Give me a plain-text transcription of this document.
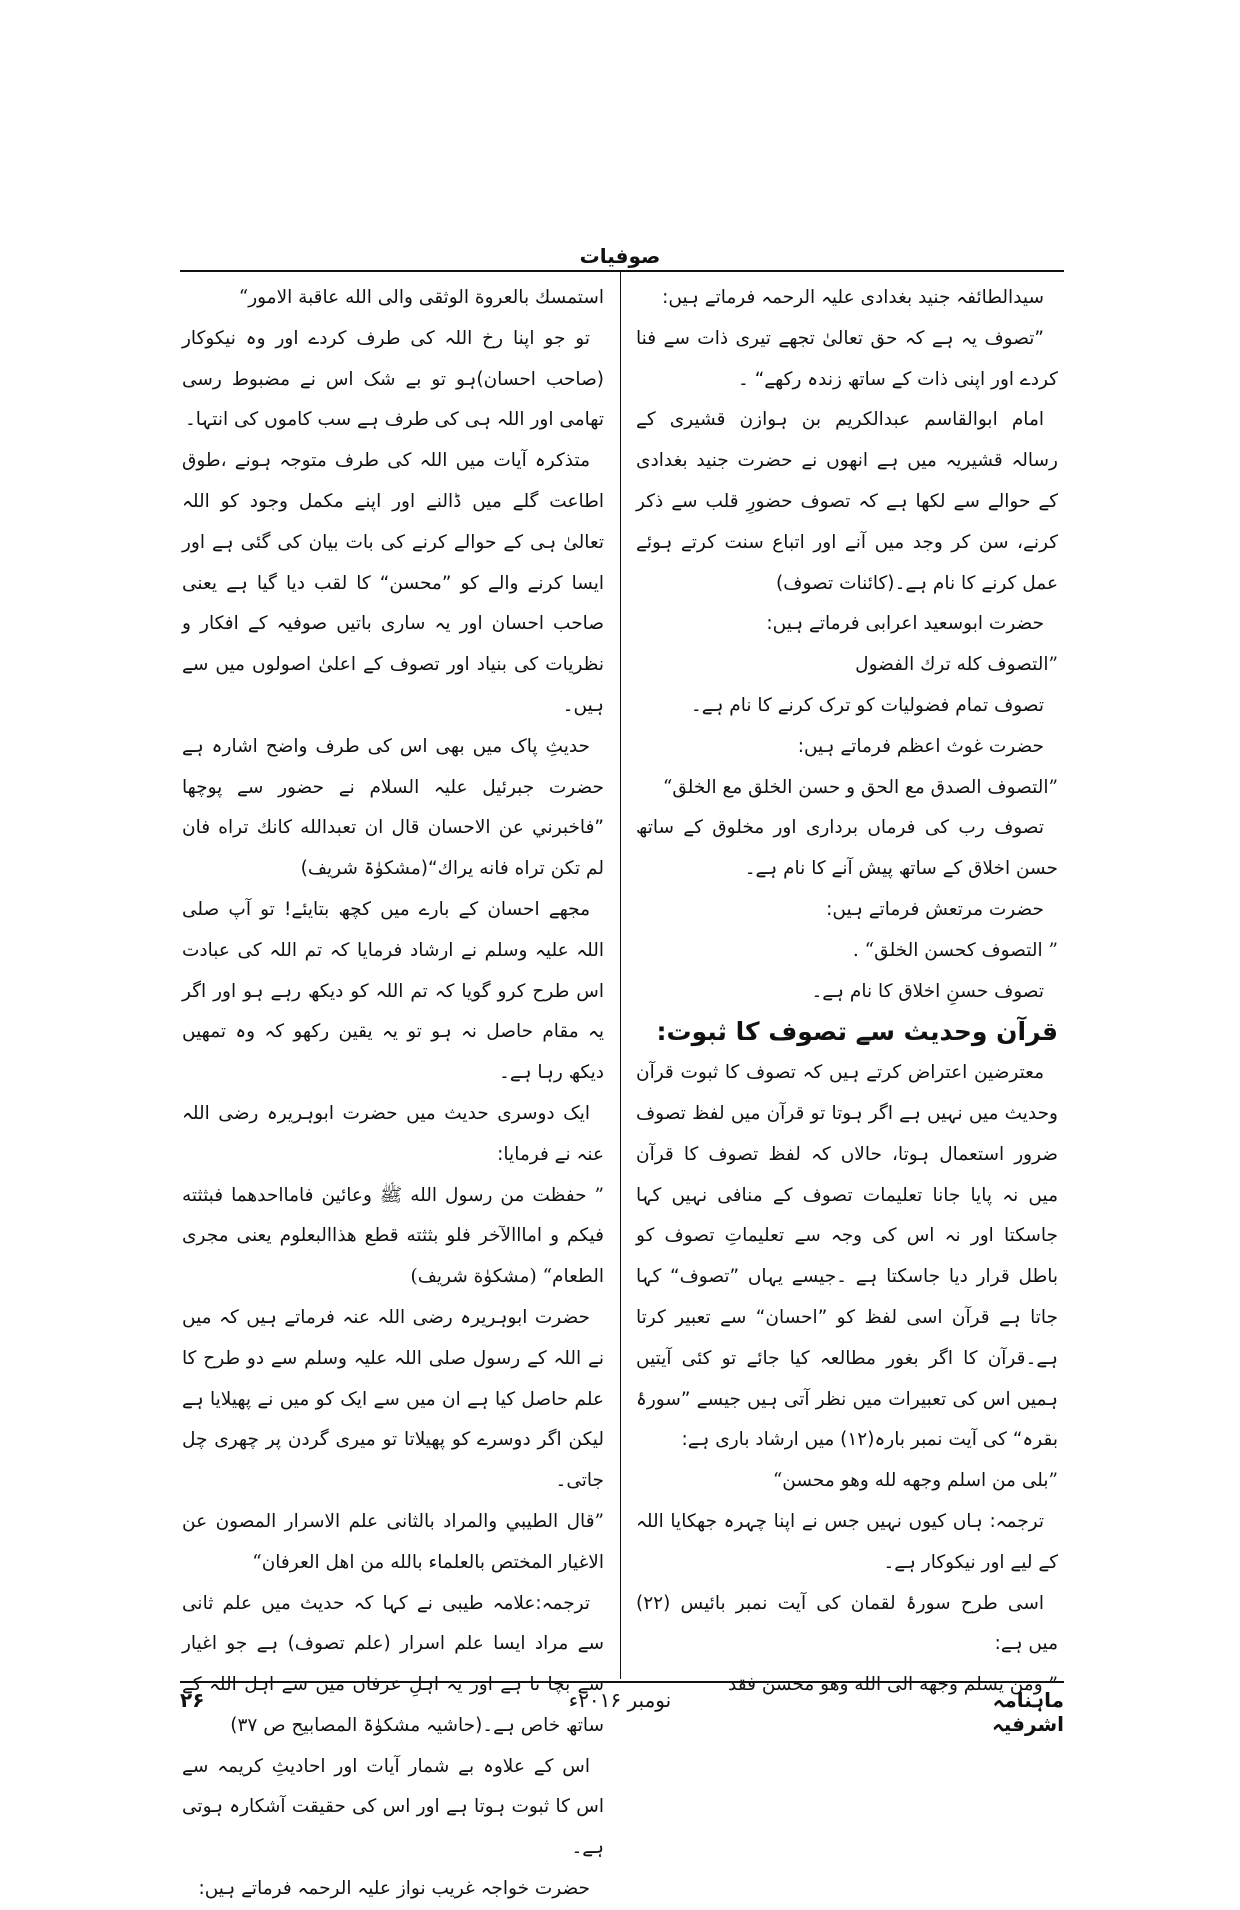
صوفیات

سیدالطائفہ جنید بغدادی علیہ الرحمہ فرماتے ہیں:

”تصوف یہ ہے کہ حق تعالیٰ تجھے تیری ذات سے فنا کردے اور اپنی ذات کے ساتھ زندہ رکھے“ ۔

امام ابوالقاسم عبدالکریم بن ہوازن قشیری کے رسالہ قشیریہ میں ہے انھوں نے حضرت جنید بغدادی کے حوالے سے لکھا ہے کہ تصوف حضورِ قلب سے ذکر کرنے، سن کر وجد میں آنے اور اتباع سنت کرتے ہوئے عمل کرنے کا نام ہے۔(کائنات تصوف)

حضرت ابوسعید اعرابی فرماتے ہیں:

”التصوف كله ترك الفضول

تصوف تمام فضولیات کو ترک کرنے کا نام ہے۔

حضرت غوث اعظم فرماتے ہیں:

”التصوف الصدق مع الحق و حسن الخلق مع الخلق“

تصوف رب کی فرماں برداری اور مخلوق کے ساتھ حسن اخلاق کے ساتھ پیش آنے کا نام ہے۔

حضرت مرتعش فرماتے ہیں:

” التصوف كحسن الخلق“ .

تصوف حسنِ اخلاق کا نام ہے۔

قرآن وحدیث سے تصوف کا ثبوت:

معترضین اعتراض کرتے ہیں کہ تصوف کا ثبوت قرآن وحدیث میں نہیں ہے اگر ہوتا تو قرآن میں لفظ تصوف ضرور استعمال ہوتا، حالاں کہ لفظ تصوف کا قرآن میں نہ پایا جانا تعلیمات تصوف کے منافی نہیں کہا جاسکتا اور نہ اس کی وجہ سے تعلیماتِ تصوف کو باطل قرار دیا جاسکتا ہے ۔جیسے یہاں ”تصوف“ کہا جاتا ہے قرآن اسی لفظ کو ”احسان“ سے تعبیر کرتا ہے۔قرآن کا اگر بغور مطالعہ کیا جائے تو کئی آیتیں ہمیں اس کی تعبیرات میں نظر آتی ہیں جیسے ”سورۂ بقرہ“ کی آیت نمبر بارہ(۱۲) میں ارشاد باری ہے:

”بلى من اسلم وجهه لله وهو محسن“

ترجمہ: ہاں کیوں نہیں جس نے اپنا چہرہ جھکایا اللہ کے لیے اور نیکوکار ہے۔

اسی طرح سورۂ لقمان کی آیت نمبر بائیس (۲۲) میں ہے:

” ومن يسلم وجهه الى الله وهو محسن فقد

استمسك بالعروة الوثقى والى الله عاقبة الامور“

تو جو اپنا رخ اللہ کی طرف کردے اور وہ نیکوکار (صاحب احسان)ہو تو بے شک اس نے مضبوط رسی تھامی اور اللہ ہی کی طرف ہے سب کاموں کی انتہا۔

متذکرہ آیات میں اللہ کی طرف متوجہ ہونے ،طوق اطاعت گلے میں ڈالنے اور اپنے مکمل وجود کو اللہ تعالیٰ ہی کے حوالے کرنے کی بات بیان کی گئی ہے اور ایسا کرنے والے کو ”محسن“ کا لقب دیا گیا ہے یعنی صاحب احسان اور یہ ساری باتیں صوفیہ کے افکار و نظریات کی بنیاد اور تصوف کے اعلیٰ اصولوں میں سے ہیں۔

حدیثِ پاک میں بھی اس کی طرف واضح اشارہ ہے حضرت جبرئیل علیہ السلام نے حضور سے پوچھا ”فاخبرني عن الاحسان قال ان تعبدالله كانك تراه فان لم تكن تراه فانه يراك“(مشکوٰۃ شریف)

مجھے احسان کے بارے میں کچھ بتایئے! تو آپ صلی اللہ علیہ وسلم نے ارشاد فرمایا کہ تم اللہ کی عبادت اس طرح کرو گویا کہ تم اللہ کو دیکھ رہے ہو اور اگر یہ مقام حاصل نہ ہو تو یہ یقین رکھو کہ وہ تمھیں دیکھ رہا ہے۔

ایک دوسری حدیث میں حضرت ابوہریرہ رضی اللہ عنہ نے فرمایا:

” حفظت من رسول الله ﷺ وعائين فامااحدهما فبثثته فيكم و امااالآخر فلو بثثته قطع هذاالبعلوم يعنى مجرى الطعام“ (مشكوٰة شريف)

حضرت ابوہریرہ رضی اللہ عنہ فرماتے ہیں کہ میں نے اللہ کے رسول صلی اللہ علیہ وسلم سے دو طرح کا علم حاصل کیا ہے ان میں سے ایک کو میں نے پھیلایا ہے لیکن اگر دوسرے کو پھیلاتا تو میری گردن پر چھری چل جاتی۔

”قال الطيبي والمراد بالثانى علم الاسرار المصون عن الاغيار المختص بالعلماء بالله من اهل العرفان“

ترجمہ:علامہ طیبی نے کہا کہ حدیث میں علم ثانی سے مراد ایسا علم اسرار (علم تصوف) ہے جو اغیار سے بچا تا ہے اور یہ اہلِ عرفان میں سے اہل اللہ کے ساتھ خاص ہے۔(حاشیہ مشکوٰۃ المصابیح ص ۳۷)

اس کے علاوہ بے شمار آیات اور احادیثِ کریمہ سے اس کا ثبوت ہوتا ہے اور اس کی حقیقت آشکارہ ہوتی ہے۔

حضرت خواجہ غریب نواز علیہ الرحمہ فرماتے ہیں:

۲۶	نومبر ۲۰۱۶ء	ماہنامہ اشرفیہ
